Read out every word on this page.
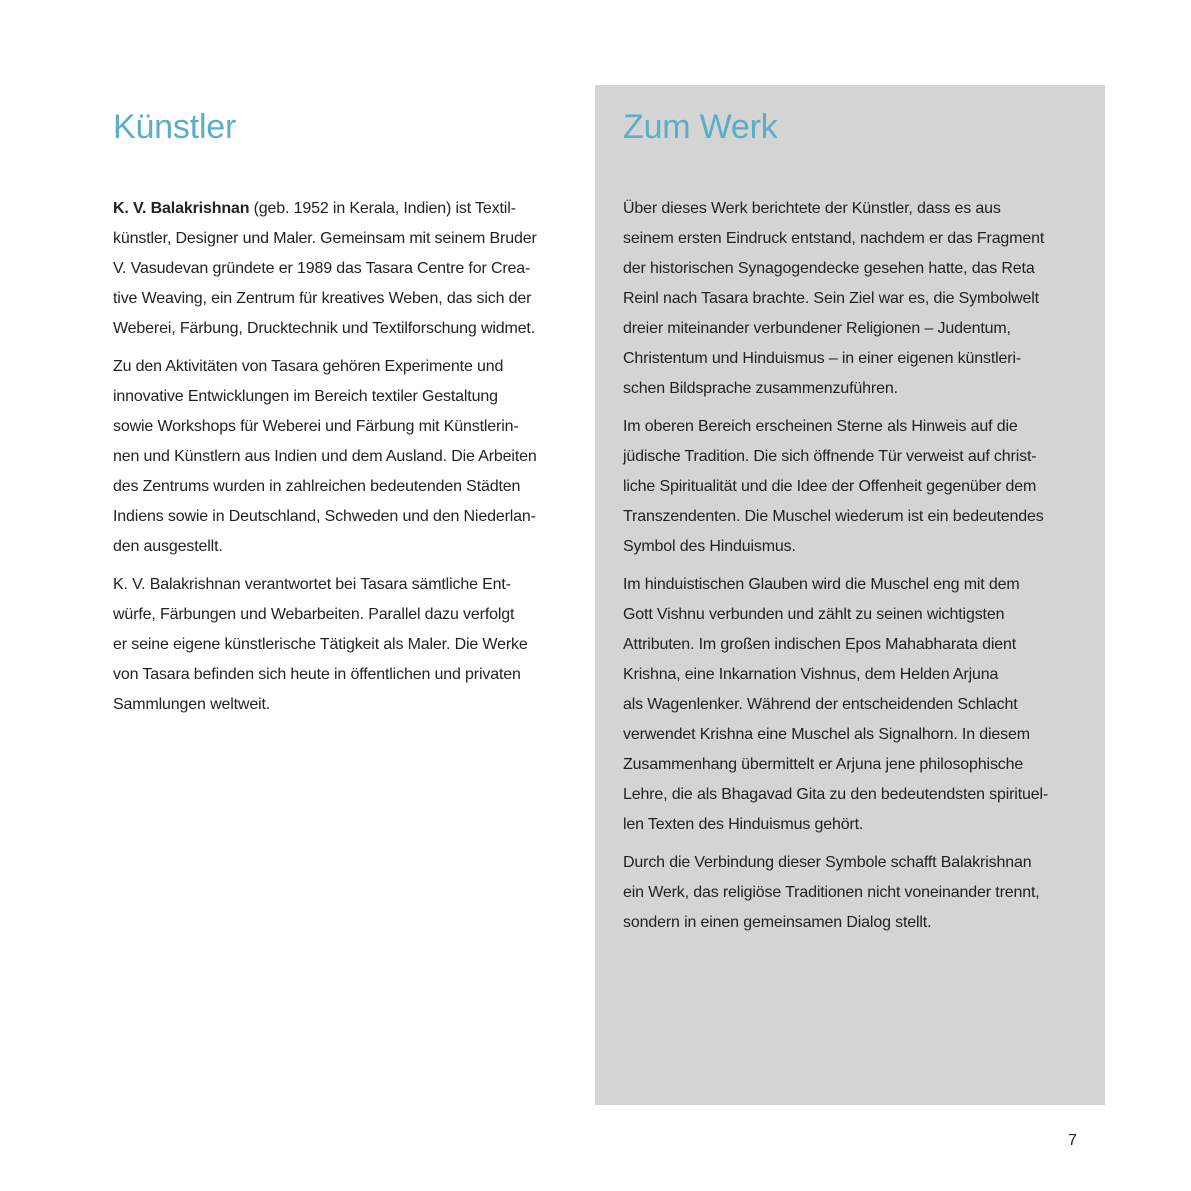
Künstler

K. V. Balakrishnan (geb. 1952 in Kerala, Indien) ist Textil-
künstler, Designer und Maler. Gemeinsam mit seinem Bruder
V. Vasudevan gründete er 1989 das Tasara Centre for Crea-
tive Weaving, ein Zentrum für kreatives Weben, das sich der
Weberei, Färbung, Drucktechnik und Textilforschung widmet.

Zu den Aktivitäten von Tasara gehören Experimente und
innovative Entwicklungen im Bereich textiler Gestaltung
sowie Workshops für Weberei und Färbung mit Künstlerin-
nen und Künstlern aus Indien und dem Ausland. Die Arbeiten
des Zentrums wurden in zahlreichen bedeutenden Städten
Indiens sowie in Deutschland, Schweden und den Niederlan-
den ausgestellt.

K. V. Balakrishnan verantwortet bei Tasara sämtliche Ent-
würfe, Färbungen und Webarbeiten. Parallel dazu verfolgt
er seine eigene künstlerische Tätigkeit als Maler. Die Werke
von Tasara befinden sich heute in öffentlichen und privaten
Sammlungen weltweit.

Zum Werk

Über dieses Werk berichtete der Künstler, dass es aus
seinem ersten Eindruck entstand, nachdem er das Fragment
der historischen Synagogendecke gesehen hatte, das Reta
Reinl nach Tasara brachte. Sein Ziel war es, die Symbolwelt
dreier miteinander verbundener Religionen – Judentum,
Christentum und Hinduismus – in einer eigenen künstleri-
schen Bildsprache zusammenzuführen.

Im oberen Bereich erscheinen Sterne als Hinweis auf die
jüdische Tradition. Die sich öffnende Tür verweist auf christ-
liche Spiritualität und die Idee der Offenheit gegenüber dem
Transzendenten. Die Muschel wiederum ist ein bedeutendes
Symbol des Hinduismus.

Im hinduistischen Glauben wird die Muschel eng mit dem
Gott Vishnu verbunden und zählt zu seinen wichtigsten
Attributen. Im großen indischen Epos Mahabharata dient
Krishna, eine Inkarnation Vishnus, dem Helden Arjuna
als Wagenlenker. Während der entscheidenden Schlacht
verwendet Krishna eine Muschel als Signalhorn. In diesem
Zusammenhang übermittelt er Arjuna jene philosophische
Lehre, die als Bhagavad Gita zu den bedeutendsten spirituel-
len Texten des Hinduismus gehört.

Durch die Verbindung dieser Symbole schafft Balakrishnan
ein Werk, das religiöse Traditionen nicht voneinander trennt,
sondern in einen gemeinsamen Dialog stellt.

7
